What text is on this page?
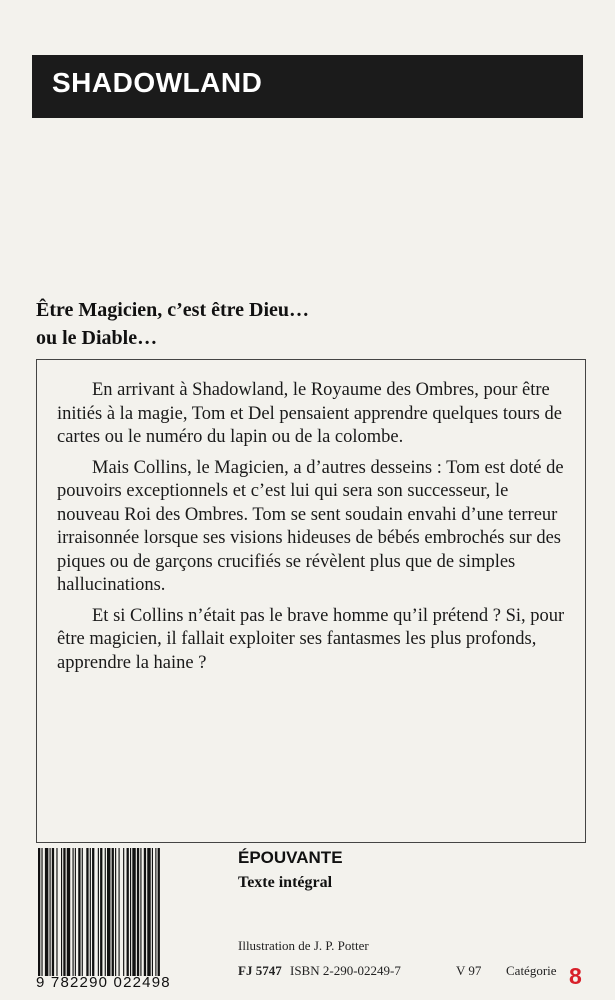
SHADOWLAND
Être Magicien, c’est être Dieu…
ou le Diable…

En arrivant à Shadowland, le Royaume des Ombres, pour être initiés à la magie, Tom et Del pensaient apprendre quelques tours de cartes ou le numéro du lapin ou de la colombe.

Mais Collins, le Magicien, a d’autres desseins : Tom est doté de pouvoirs exceptionnels et c’est lui qui sera son successeur, le nouveau Roi des Ombres. Tom se sent soudain envahi d’une terreur irraisonnée lorsque ses visions hideuses de bébés embrochés sur des piques ou de garçons crucifiés se révèlent plus que de simples hallucinations.

Et si Collins n’était pas le brave homme qu’il prétend ? Si, pour être magicien, il fallait exploiter ses fantasmes les plus profonds, apprendre la haine ?

9 782290 022498
ÉPOUVANTE
Texte intégral
Illustration de J. P. Potter
FJ 5747 ISBN 2-290-02249-7	V 97 Catégorie 8
